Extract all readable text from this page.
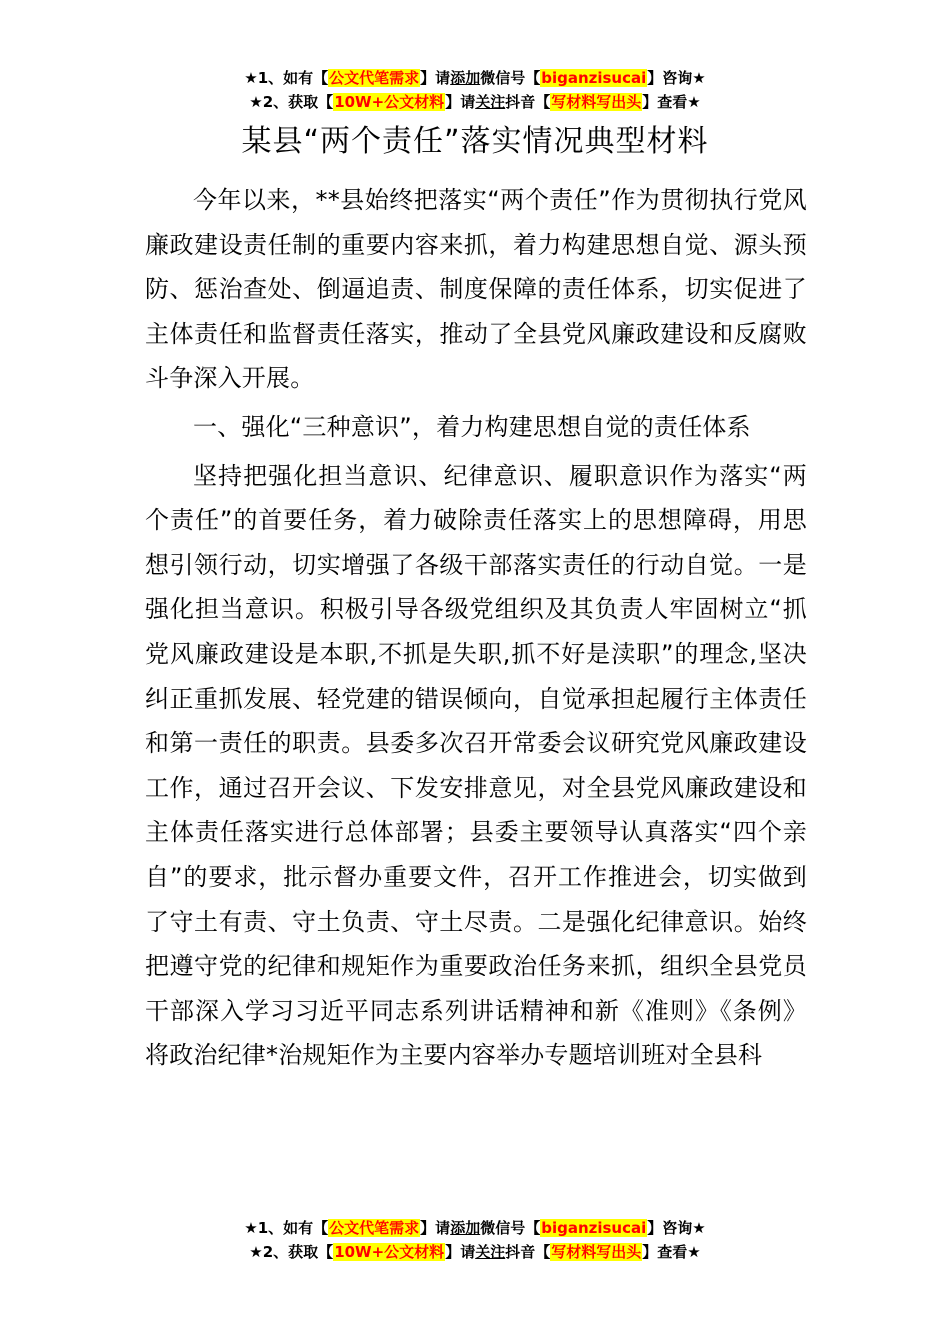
★1、如有【公文代笔需求】请添加微信号【biganzisucai】咨询★
★2、获取【10W+公文材料】请关注抖音【写材料写出头】查看★
某县“两个责任”落实情况典型材料

今年以来，**县始终把落实“两个责任”作为贯彻执行党风廉政建设责任制的重要内容来抓，着力构建思想自觉、源头预防、惩治查处、倒逼追责、制度保障的责任体系，切实促进了主体责任和监督责任落实，推动了全县党风廉政建设和反腐败斗争深入开展。

一、强化“三种意识”，着力构建思想自觉的责任体系

坚持把强化担当意识、纪律意识、履职意识作为落实“两个责任”的首要任务，着力破除责任落实上的思想障碍，用思想引领行动，切实增强了各级干部落实责任的行动自觉。一是强化担当意识。积极引导各级党组织及其负责人牢固树立“抓党风廉政建设是本职,不抓是失职,抓不好是渎职”的理念,坚决纠正重抓发展、轻党建的错误倾向，自觉承担起履行主体责任和第一责任的职责。县委多次召开常委会议研究党风廉政建设工作，通过召开会议、下发安排意见，对全县党风廉政建设和主体责任落实进行总体部署；县委主要领导认真落实“四个亲自”的要求，批示督办重要文件，召开工作推进会，切实做到了守土有责、守土负责、守土尽责。二是强化纪律意识。始终把遵守党的纪律和规矩作为重要政治任务来抓，组织全县党员干部深入学习习近平同志系列讲话精神和新《准则》《条例》将政治纪律*治规矩作为主要内容举办专题培训班对全县科

★1、如有【公文代笔需求】请添加微信号【biganzisucai】咨询★
★2、获取【10W+公文材料】请关注抖音【写材料写出头】查看★
